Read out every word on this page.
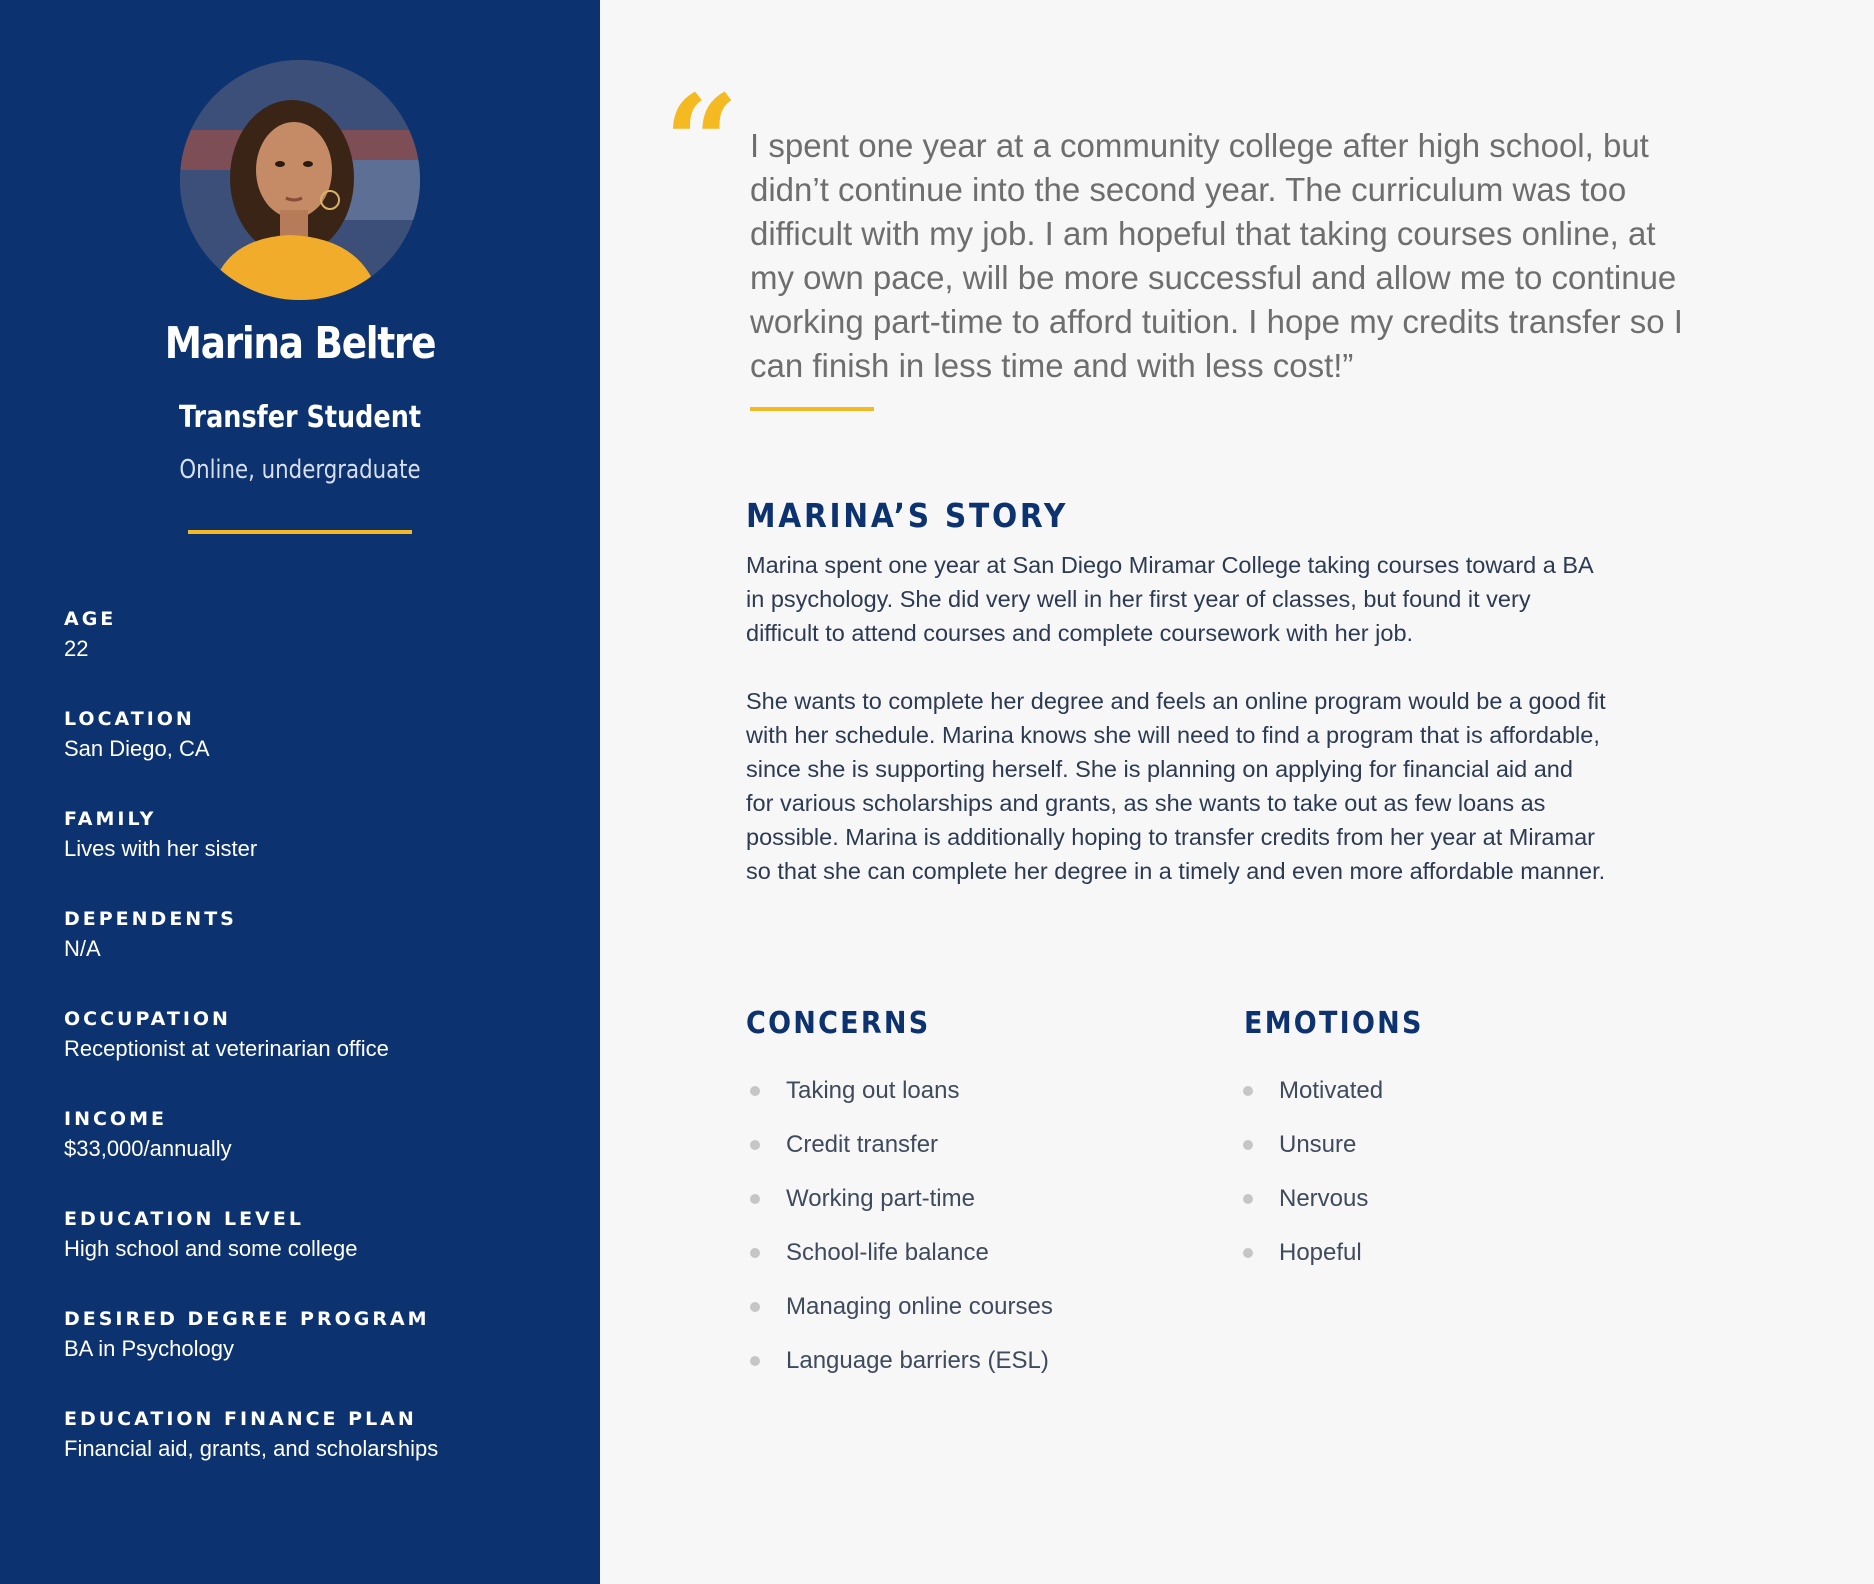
Marina Beltre
Transfer Student
Online, undergraduate
AGE
22
LOCATION
San Diego, CA
FAMILY
Lives with her sister
DEPENDENTS
N/A
OCCUPATION
Receptionist at veterinarian office
INCOME
$33,000/annually
EDUCATION LEVEL
High school and some college
DESIRED DEGREE PROGRAM
BA in Psychology
EDUCATION FINANCE PLAN
Financial aid, grants, and scholarships
“ I spent one year at a community college after high school, but didn’t continue into the second year. The curriculum was too difficult with my job. I am hopeful that taking courses online, at my own pace, will be more successful and allow me to continue working part-time to afford tuition. I hope my credits transfer so I can finish in less time and with less cost!”

MARINA’S STORY

Marina spent one year at San Diego Miramar College taking courses toward a BA in psychology. She did very well in her first year of classes, but found it very difficult to attend courses and complete coursework with her job.

She wants to complete her degree and feels an online program would be a good fit with her schedule. Marina knows she will need to find a program that is affordable, since she is supporting herself. She is planning on applying for financial aid and for various scholarships and grants, as she wants to take out as few loans as possible. Marina is additionally hoping to transfer credits from her year at Miramar so that she can complete her degree in a timely and even more affordable manner.

CONCERNS
Taking out loans
Credit transfer
Working part-time
School-life balance
Managing online courses
Language barriers (ESL)
EMOTIONS
Motivated
Unsure
Nervous
Hopeful
